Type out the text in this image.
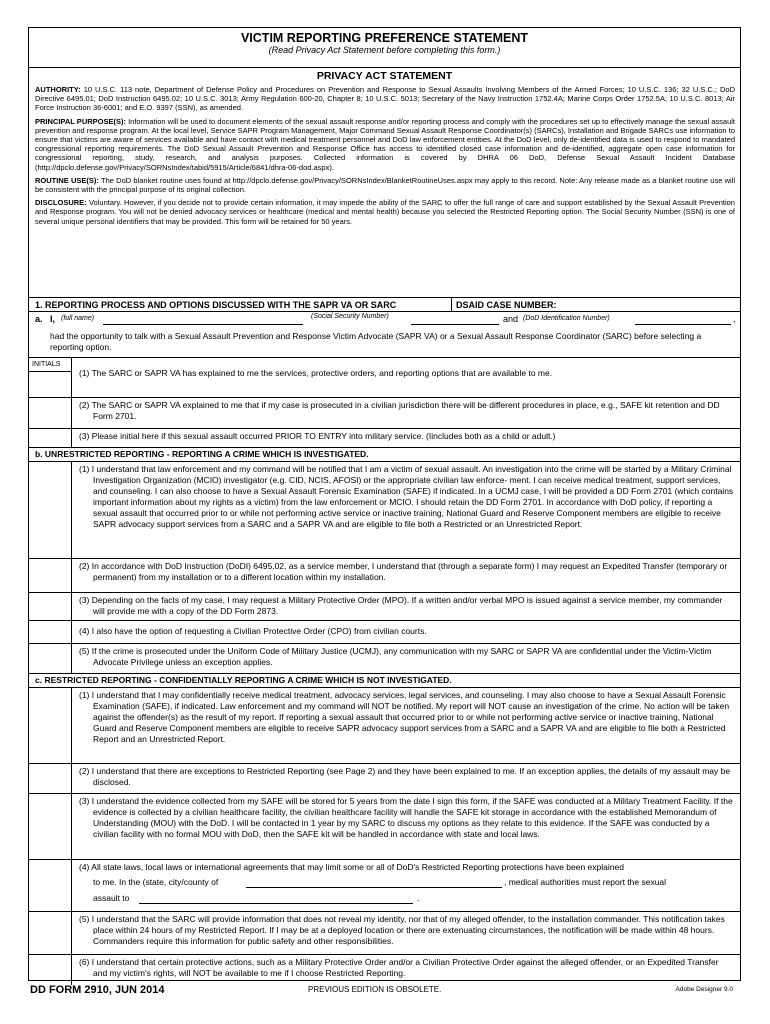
VICTIM REPORTING PREFERENCE STATEMENT
(Read Privacy Act Statement before completing this form.)
PRIVACY ACT STATEMENT
AUTHORITY: 10 U.S.C. 113 note, Department of Defense Policy and Procedures on Prevention and Response to Sexual Assaults Involving Members of the Armed Forces; 10 U.S.C. 136; 32 U.S.C.; DoD Directive 6495.01; DoD Instruction 6495.02; 10 U.S.C. 3013; Army Regulation 600-20, Chapter 8; 10 U.S.C. 5013; Secretary of the Navy Instruction 1752.4A; Marine Corps Order 1752.5A; 10 U.S.C. 8013; Air Force Instruction 36-6001; and E.O. 9397 (SSN), as amended.
PRINCIPAL PURPOSE(S): Information will be used to document elements of the sexual assault response and/or reporting process and comply with the procedures set up to effectively manage the sexual assault prevention and response program. At the local level, Service SAPR Program Management, Major Command Sexual Assault Response Coordinator(s) (SARCs), Installation and Brigade SARCs use information to ensure that victims are aware of services available and have contact with medical treatment personnel and DoD law enforcement entities. At the DoD level, only de-identified data is used to respond to mandated congressional reporting requirements. The DoD Sexual Assault Prevention and Response Office has access to identified closed case information and de-identified, aggregate open case information for congressional reporting, study, research, and analysis purposes. Collected information is covered by DHRA 06 DoD, Defense Sexual Assault Incident Database (http://dpclo.defense.gov/Privacy/SORNsIndex/tabid/5915/Article/6841/dhra-06-dod.aspx).
ROUTINE USE(S): The DoD blanket routine uses found at http://dpclo.defense.gov/Privacy/SORNsIndex/BlanketRoutineUses.aspx may apply to this record. Note: Any release made as a blanket routine use will be consistent with the principal purpose of its original collection.
DISCLOSURE: Voluntary. However, if you decide not to provide certain information, it may impede the ability of the SARC to offer the full range of care and support established by the Sexual Assault Prevention and Response program. You will not be denied advocacy services or healthcare (medical and mental health) because you selected the Restricted Reporting option. The Social Security Number (SSN) is one of several unique personal identifiers that may be provided. This form will be retained for 50 years.
1. REPORTING PROCESS AND OPTIONS DISCUSSED WITH THE SAPR VA OR SARC	DSAID CASE NUMBER:
a. I, (full name)	(Social Security Number)	and (DoD Identification Number)	,
had the opportunity to talk with a Sexual Assault Prevention and Response Victim Advocate (SAPR VA) or a Sexual Assault Response Coordinator (SARC) before selecting a reporting option.
INITIALS
(1) The SARC or SAPR VA has explained to me the services, protective orders, and reporting options that are available to me.
(2) The SARC or SAPR VA explained to me that if my case is prosecuted in a civilian jurisdiction there will be different procedures in place, e.g., SAFE kit retention and DD Form 2701.
(3) Please initial here if this sexual assault occurred PRIOR TO ENTRY into military service. (Iincludes both as a child or adult.)
b. UNRESTRICTED REPORTING - REPORTING A CRIME WHICH IS INVESTIGATED.
(1) I understand that law enforcement and my command will be notified that I am a victim of sexual assault. An investigation into the crime will be started by a Military Criminal Investigation Organization (MCIO) investigator (e.g. CID, NCIS, AFOSI) or the appropriate civilian law enforce- ment. I can receive medical treatment, support services, and counseling. I can also choose to have a Sexual Assault Forensic Examination (SAFE) if indicated. In a UCMJ case, I will be provided a DD Form 2701 (which contains important information about my rights as a victim) from the law enforcement or MCIO. I should retain the DD Form 2701. In accordance with DoD policy, if reporting a sexual assault that occurred prior to or while not performing active service or inactive training, National Guard and Reserve Component members are eligible to receive SAPR advocacy support services from a SARC and a SAPR VA and are eligible to file both a Restricted or an Unrestricted Report.
(2) In accordance with DoD Instruction (DoDI) 6495.02, as a service member, I understand that (through a separate form) I may request an Expedited Transfer (temporary or permanent) from my installation or to a different location within my installation.
(3) Depending on the facts of my case, I may request a Military Protective Order (MPO). If a written and/or verbal MPO is issued against a service member, my commander will provide me with a copy of the DD Form 2873.
(4) I also have the option of requesting a Civilian Protective Order (CPO) from civilian courts.
(5) If the crime is prosecuted under the Uniform Code of Military Justice (UCMJ), any communication with my SARC or SAPR VA are confidential under the Victim-Victim Advocate Privilege unless an exception applies.
c. RESTRICTED REPORTING - CONFIDENTIALLY REPORTING A CRIME WHICH IS NOT INVESTIGATED.
(1) I understand that I may confidentially receive medical treatment, advocacy services, legal services, and counseling. I may also choose to have a Sexual Assault Forensic Examination (SAFE), if indicated. Law enforcement and my command will NOT be notified. My report will NOT cause an investigation of the crime. No action will be taken against the offender(s) as the result of my report. If reporting a sexual assault that occurred prior to or while not performing active service or inactive training, National Guard and Reserve Component members are eligible to receive SAPR advocacy support services from a SARC and a SAPR VA and are eligible to file both a Restricted Report and an Unrestricted Report.
(2) I understand that there are exceptions to Restricted Reporting (see Page 2) and they have been explained to me. If an exception applies, the details of my assault may be disclosed.
(3) I understand the evidence collected from my SAFE will be stored for 5 years from the date I sign this form, if the SAFE was conducted at a Military Treatment Facility. If the evidence is collected by a civilian healthcare facility, the civilian healthcare facility will handle the SAFE kit storage in accordance with the established Memorandum of Understanding (MOU) with the DoD. I will be contacted in 1 year by my SARC to discuss my options as they relate to this evidence. If the SAFE was conducted by a civilian facility with no formal MOU with DoD, then the SAFE kit will be handled in accordance with state and local laws.
(4) All state laws, local laws or international agreements that may limit some or all of DoD's Restricted Reporting protections have been explained
to me. In the (state, city/county of	, medical authorities must report the sexual
assault to	.
(5) I understand that the SARC will provide information that does not reveal my identity, nor that of my alleged offender, to the installation commander. This notification takes place within 24 hours of my Restricted Report. If I may be at a deployed location or there are extenuating circumstances, the notification will be made within 48 hours. Commanders require this information for public safety and other responsibilities.
(6) I understand that certain protective actions, such as a Military Protective Order and/or a Civilian Protective Order against the alleged offender, or an Expedited Transfer and my victim's rights, will NOT be available to me if I choose Restricted Reporting.
DD FORM 2910, JUN 2014	PREVIOUS EDITION IS OBSOLETE.	Adobe Designer 9.0
